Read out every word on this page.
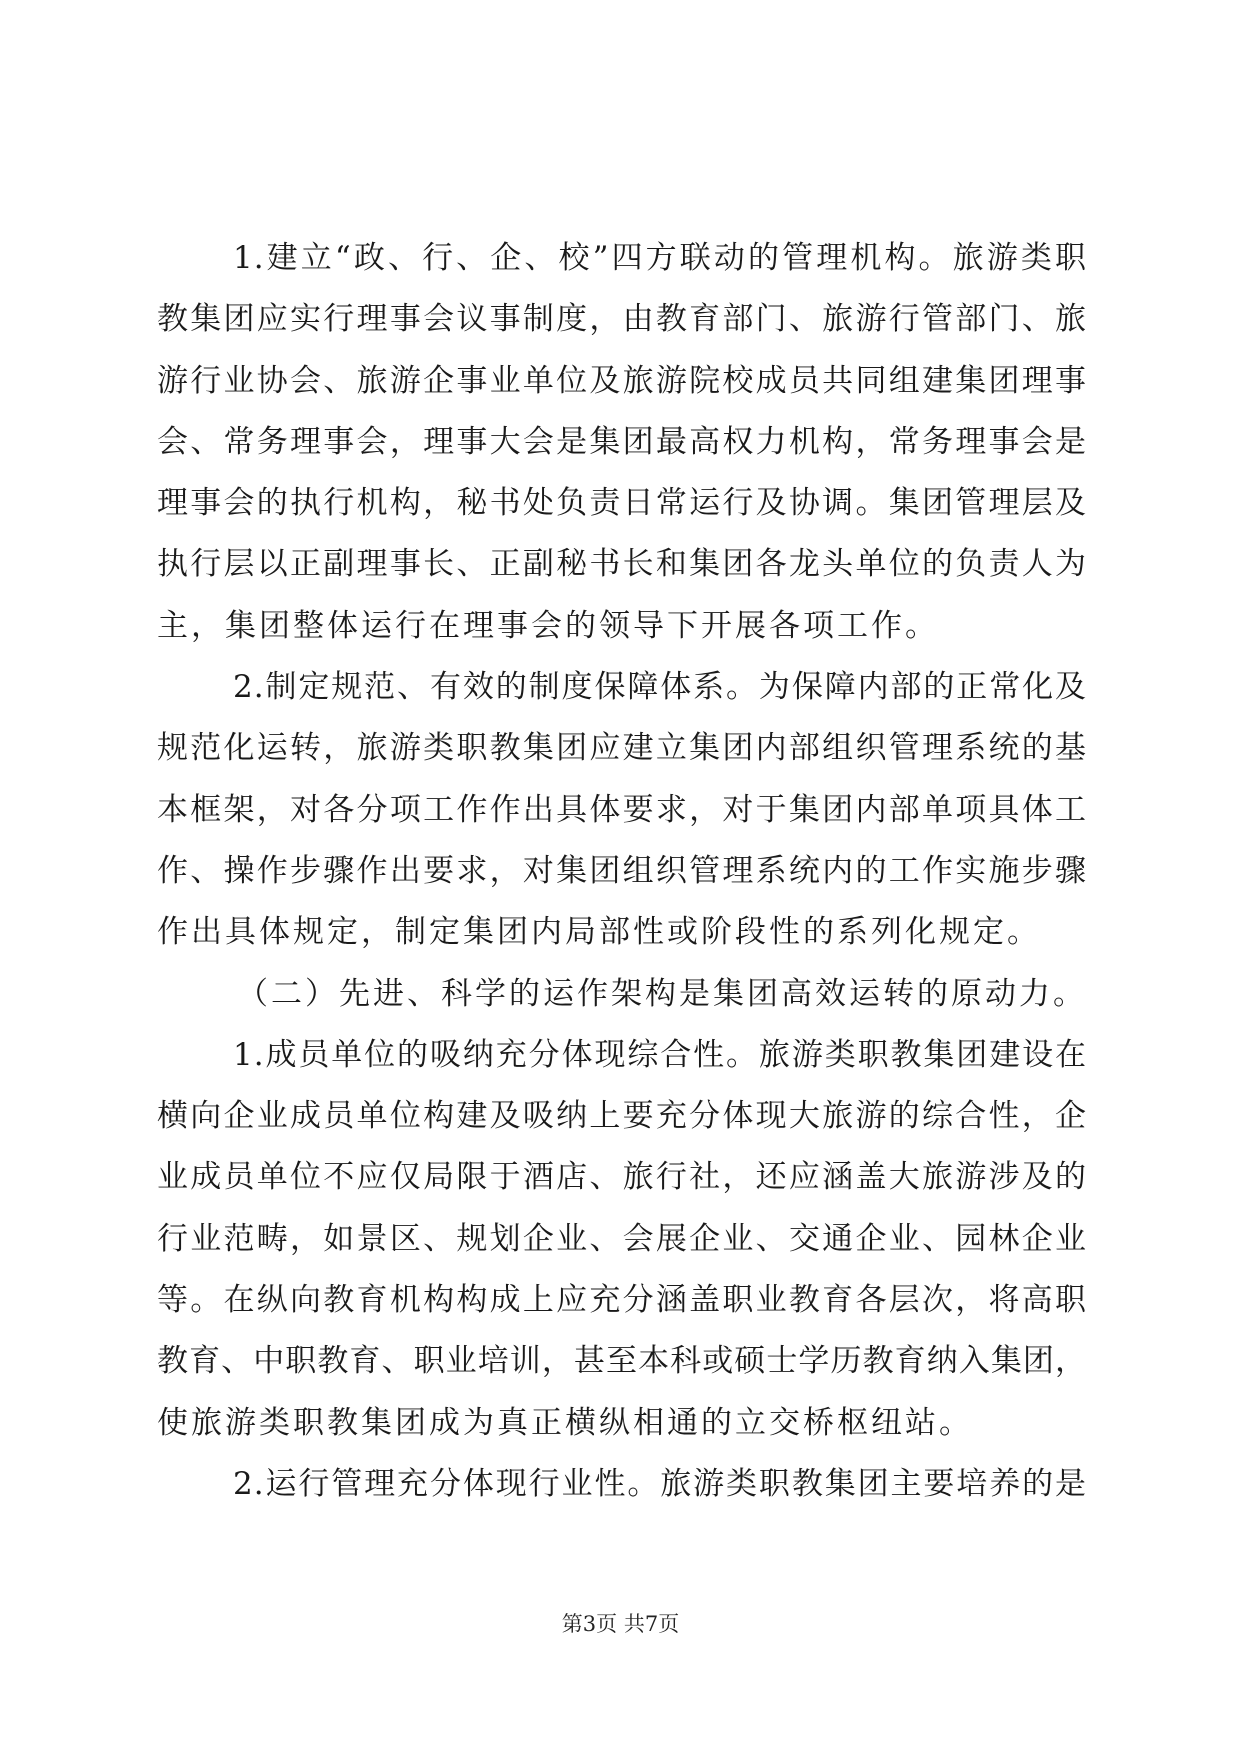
1.建立“政、行、企、校”四方联动的管理机构。旅游类职
教集团应实行理事会议事制度，由教育部门、旅游行管部门、旅
游行业协会、旅游企事业单位及旅游院校成员共同组建集团理事
会、常务理事会，理事大会是集团最高权力机构，常务理事会是
理事会的执行机构，秘书处负责日常运行及协调。集团管理层及
执行层以正副理事长、正副秘书长和集团各龙头单位的负责人为
主，集团整体运行在理事会的领导下开展各项工作。
2.制定规范、有效的制度保障体系。为保障内部的正常化及
规范化运转，旅游类职教集团应建立集团内部组织管理系统的基
本框架，对各分项工作作出具体要求，对于集团内部单项具体工
作、操作步骤作出要求，对集团组织管理系统内的工作实施步骤
作出具体规定，制定集团内局部性或阶段性的系列化规定。
（二）先进、科学的运作架构是集团高效运转的原动力。
1.成员单位的吸纳充分体现综合性。旅游类职教集团建设在
横向企业成员单位构建及吸纳上要充分体现大旅游的综合性，企
业成员单位不应仅局限于酒店、旅行社，还应涵盖大旅游涉及的
行业范畴，如景区、规划企业、会展企业、交通企业、园林企业
等。在纵向教育机构构成上应充分涵盖职业教育各层次，将高职
教育、中职教育、职业培训，甚至本科或硕士学历教育纳入集团，
使旅游类职教集团成为真正横纵相通的立交桥枢纽站。
2.运行管理充分体现行业性。旅游类职教集团主要培养的是
第3页 共7页
